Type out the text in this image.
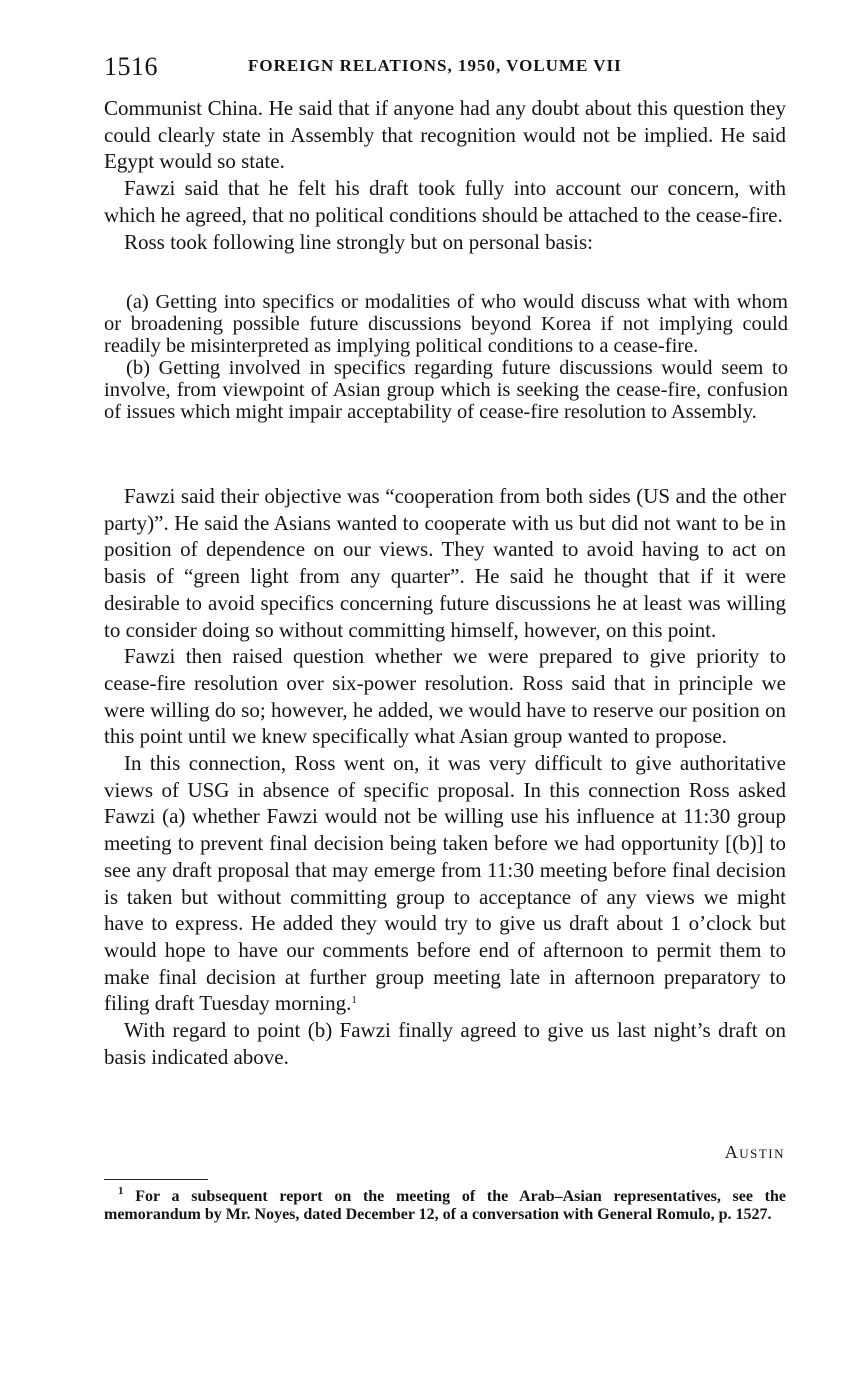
1516	FOREIGN RELATIONS, 1950, VOLUME VII

Communist China. He said that if anyone had any doubt about this question they could clearly state in Assembly that recognition would not be implied. He said Egypt would so state.

Fawzi said that he felt his draft took fully into account our concern, with which he agreed, that no political conditions should be attached to the cease-fire.

Ross took following line strongly but on personal basis:

(a) Getting into specifics or modalities of who would discuss what with whom or broadening possible future discussions beyond Korea if not implying could readily be misinterpreted as implying political conditions to a cease-fire.

(b) Getting involved in specifics regarding future discussions would seem to involve, from viewpoint of Asian group which is seeking the cease-fire, confusion of issues which might impair acceptability of cease-fire resolution to Assembly.

Fawzi said their objective was “cooperation from both sides (US and the other party)”. He said the Asians wanted to cooperate with us but did not want to be in position of dependence on our views. They wanted to avoid having to act on basis of “green light from any quarter”. He said he thought that if it were desirable to avoid specifics concerning future discussions he at least was willing to consider doing so without committing himself, however, on this point.

Fawzi then raised question whether we were prepared to give priority to cease-fire resolution over six-power resolution. Ross said that in principle we were willing do so; however, he added, we would have to reserve our position on this point until we knew specifically what Asian group wanted to propose.

In this connection, Ross went on, it was very difficult to give authoritative views of USG in absence of specific proposal. In this connection Ross asked Fawzi (a) whether Fawzi would not be willing use his influence at 11:30 group meeting to prevent final decision being taken before we had opportunity [(b)] to see any draft proposal that may emerge from 11:30 meeting before final decision is taken but without committing group to acceptance of any views we might have to express. He added they would try to give us draft about 1 o’clock but would hope to have our comments before end of afternoon to permit them to make final decision at further group meeting late in afternoon preparatory to filing draft Tuesday morning.$^1$

With regard to point (b) Fawzi finally agreed to give us last night’s draft on basis indicated above.

Austin

$^1$ For a subsequent report on the meeting of the Arab–Asian representatives, see the memorandum by Mr. Noyes, dated December 12, of a conversation with General Romulo, p. 1527.
